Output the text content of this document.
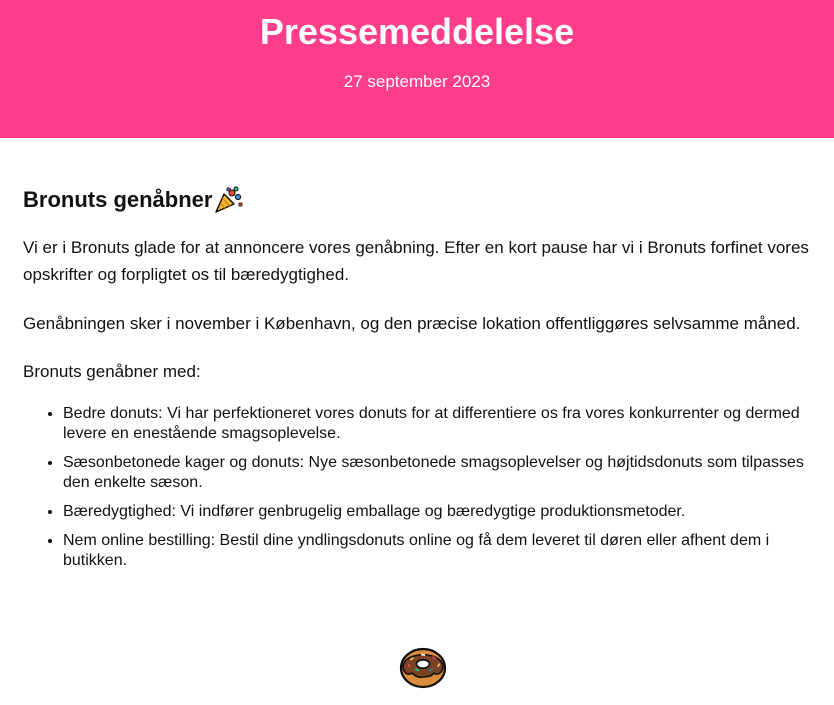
Pressemeddelelse
27 september 2023
Bronuts genåbner

Vi er i Bronuts glade for at annoncere vores genåbning. Efter en kort pause har vi i Bronuts forfinet vores opskrifter og forpligtet os til bæredygtighed.

Genåbningen sker i november i København, og den præcise lokation offentliggøres selvsamme måned.

Bronuts genåbner med:

• Bedre donuts: Vi har perfektioneret vores donuts for at differentiere os fra vores konkurrenter og dermed levere en enestående smagsoplevelse.
• Sæsonbetonede kager og donuts: Nye sæsonbetonede smagsoplevelser og højtidsdonuts som tilpasses den enkelte sæson.
• Bæredygtighed: Vi indfører genbrugelig emballage og bæredygtige produktionsmetoder.
• Nem online bestilling: Bestil dine yndlingsdonuts online og få dem leveret til døren eller afhent dem i butikken.
